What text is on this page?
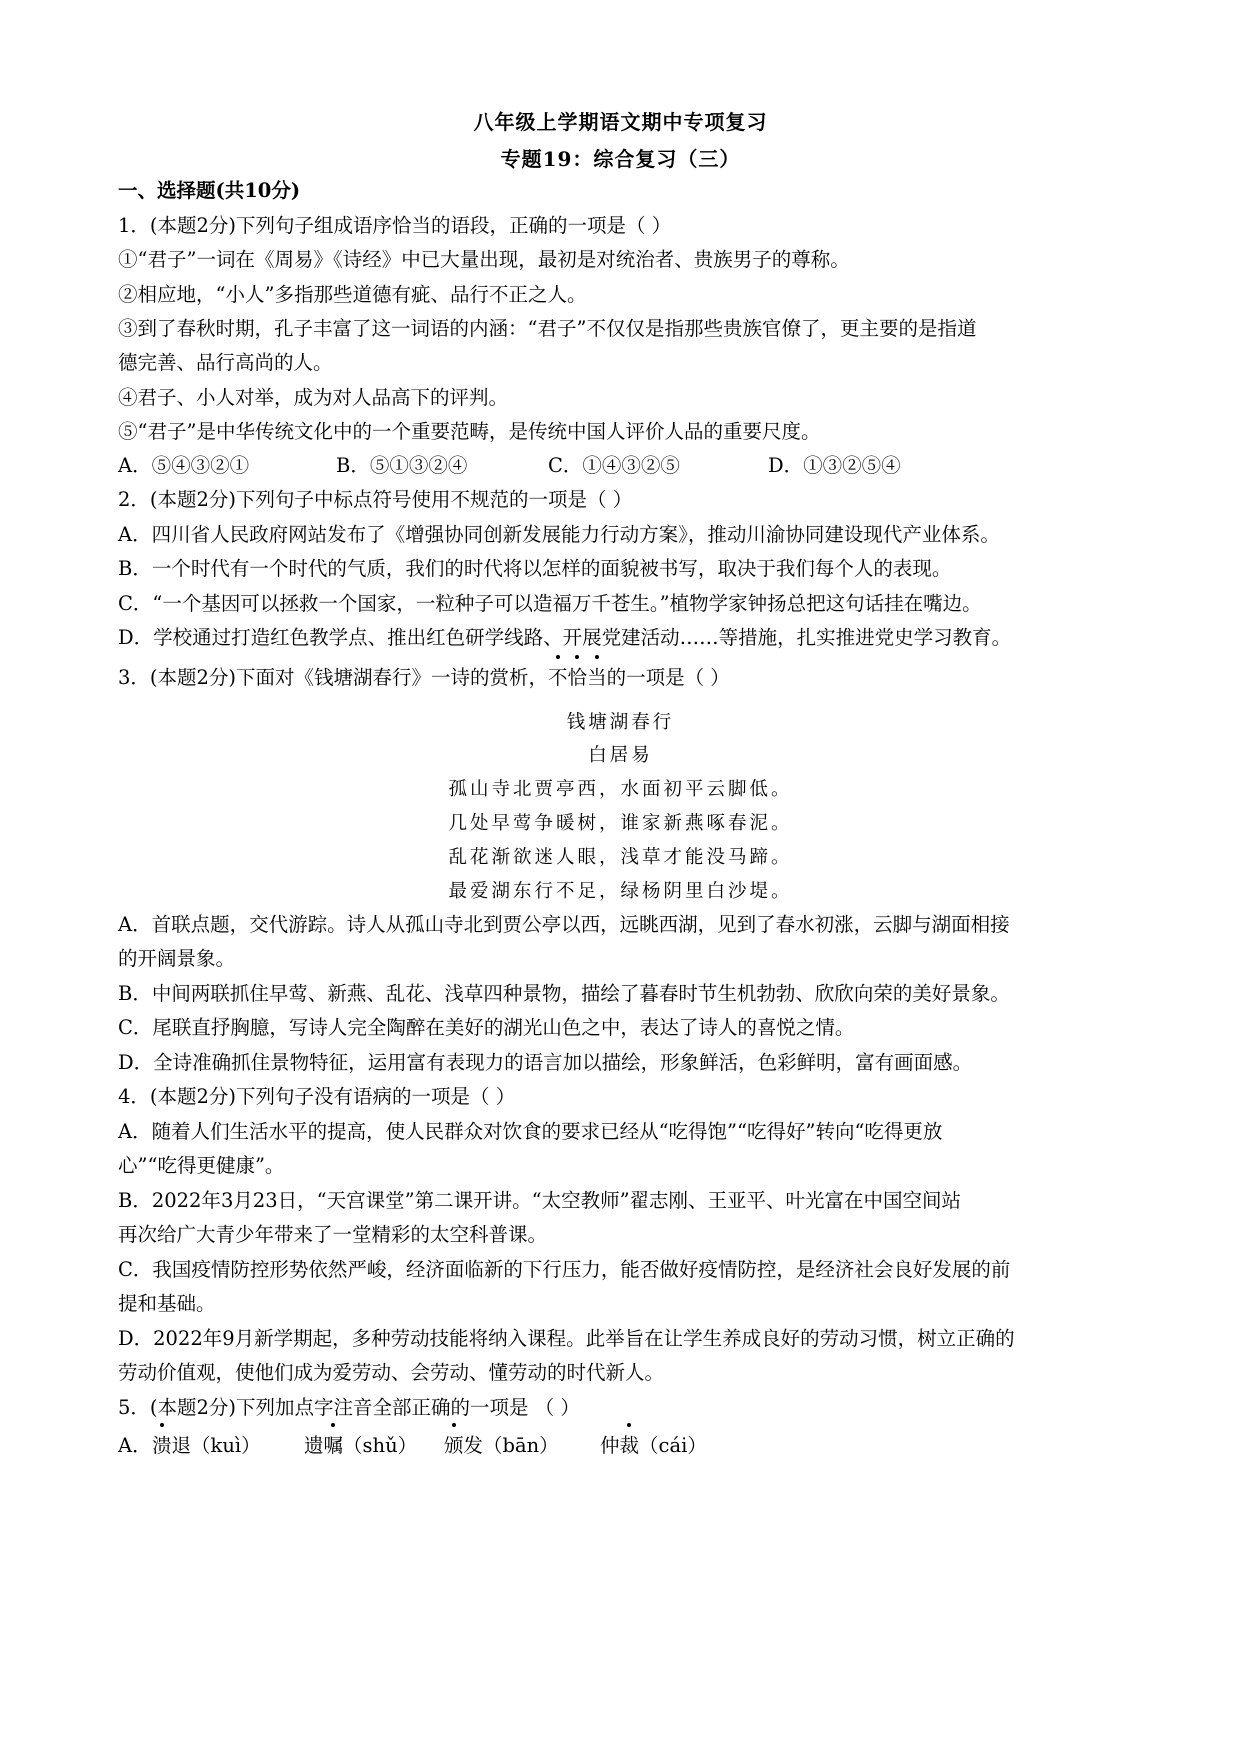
八年级上学期语文期中专项复习
专题19：综合复习（三）
一、选择题(共10分)
1．(本题2分)下列句子组成语序恰当的语段，正确的一项是（ ）
①“君子”一词在《周易》《诗经》中已大量出现，最初是对统治者、贵族男子的尊称。
②相应地，“小人”多指那些道德有疵、品行不正之人。
③到了春秋时期，孔子丰富了这一词语的内涵：“君子”不仅仅是指那些贵族官僚了，更主要的是指道
德完善、品行高尚的人。
④君子、小人对举，成为对人品高下的评判。
⑤“君子”是中华传统文化中的一个重要范畴，是传统中国人评价人品的重要尺度。
A．⑤④③②①	B．⑤①③②④	C．①④③②⑤	D．①③②⑤④
2．(本题2分)下列句子中标点符号使用不规范的一项是（ ）
A．四川省人民政府网站发布了《增强协同创新发展能力行动方案》，推动川渝协同建设现代产业体系。
B．一个时代有一个时代的气质，我们的时代将以怎样的面貌被书写，取决于我们每个人的表现。
C．“一个基因可以拯救一个国家，一粒种子可以造福万千苍生。”植物学家钟扬总把这句话挂在嘴边。
D．学校通过打造红色教学点、推出红色研学线路、开展党建活动……等措施，扎实推进党史学习教育。
3．(本题2分)下面对《钱塘湖春行》一诗的赏析，不恰当的一项是（ ）
钱塘湖春行
白居易
孤山寺北贾亭西，水面初平云脚低。
几处早莺争暖树，谁家新燕啄春泥。
乱花渐欲迷人眼，浅草才能没马蹄。
最爱湖东行不足，绿杨阴里白沙堤。
A．首联点题，交代游踪。诗人从孤山寺北到贾公亭以西，远眺西湖，见到了春水初涨，云脚与湖面相接
的开阔景象。
B．中间两联抓住早莺、新燕、乱花、浅草四种景物，描绘了暮春时节生机勃勃、欣欣向荣的美好景象。
C．尾联直抒胸臆，写诗人完全陶醉在美好的湖光山色之中，表达了诗人的喜悦之情。
D．全诗准确抓住景物特征，运用富有表现力的语言加以描绘，形象鲜活，色彩鲜明，富有画面感。
4．(本题2分)下列句子没有语病的一项是（ ）
A．随着人们生活水平的提高，使人民群众对饮食的要求已经从“吃得饱”“吃得好”转向“吃得更放
心”“吃得更健康”。
B．2022年3月23日，“天宫课堂”第二课开讲。“太空教师”翟志刚、王亚平、叶光富在中国空间站
再次给广大青少年带来了一堂精彩的太空科普课。
C．我国疫情防控形势依然严峻，经济面临新的下行压力，能否做好疫情防控，是经济社会良好发展的前
提和基础。
D．2022年9月新学期起，多种劳动技能将纳入课程。此举旨在让学生养成良好的劳动习惯，树立正确的
劳动价值观，使他们成为爱劳动、会劳动、懂劳动的时代新人。
5．(本题2分)下列加点字注音全部正确的一项是 （ ）
A． 溃退（kuì） 遗嘱（shǔ） 颁发（bān） 仲裁（cái）
